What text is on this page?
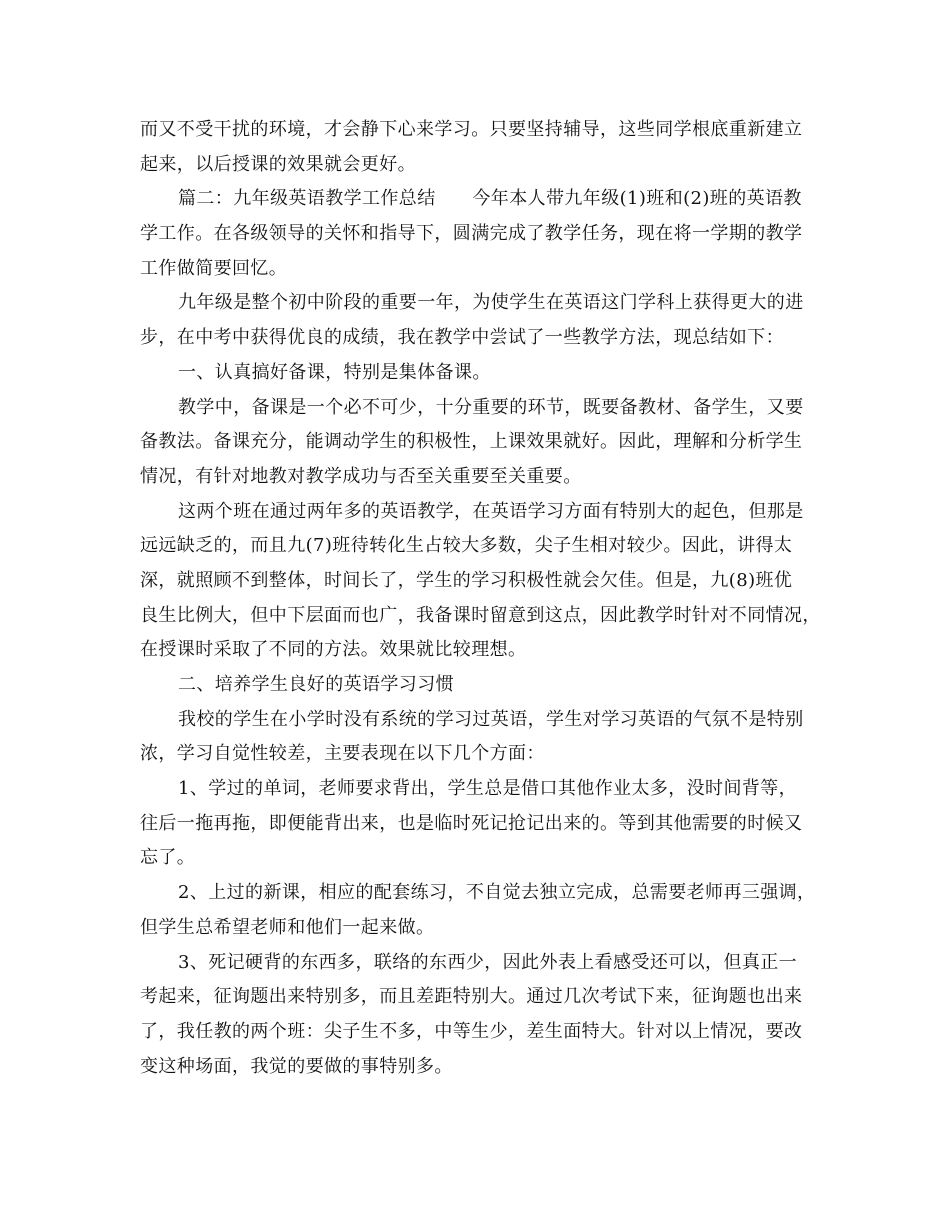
而又不受干扰的环境，才会静下心来学习。只要坚持辅导，这些同学根底重新建立
起来，以后授课的效果就会更好。
篇二：九年级英语教学工作总结　　今年本人带九年级(1)班和(2)班的英语教
学工作。在各级领导的关怀和指导下，圆满完成了教学任务，现在将一学期的教学
工作做简要回忆。
九年级是整个初中阶段的重要一年，为使学生在英语这门学科上获得更大的进
步，在中考中获得优良的成绩，我在教学中尝试了一些教学方法，现总结如下：
一、认真搞好备课，特别是集体备课。
教学中，备课是一个必不可少，十分重要的环节，既要备教材、备学生，又要
备教法。备课充分，能调动学生的积极性，上课效果就好。因此，理解和分析学生
情况，有针对地教对教学成功与否至关重要至关重要。
这两个班在通过两年多的英语教学，在英语学习方面有特别大的起色，但那是
远远缺乏的，而且九(7)班待转化生占较大多数，尖子生相对较少。因此，讲得太
深，就照顾不到整体，时间长了，学生的学习积极性就会欠佳。但是，九(8)班优
良生比例大，但中下层面而也广，我备课时留意到这点，因此教学时针对不同情况，
在授课时采取了不同的方法。效果就比较理想。
二、培养学生良好的英语学习习惯
我校的学生在小学时没有系统的学习过英语，学生对学习英语的气氛不是特别
浓，学习自觉性较差，主要表现在以下几个方面：
1、学过的单词，老师要求背出，学生总是借口其他作业太多，没时间背等，
往后一拖再拖，即便能背出来，也是临时死记抢记出来的。等到其他需要的时候又
忘了。
2、上过的新课，相应的配套练习，不自觉去独立完成，总需要老师再三强调，
但学生总希望老师和他们一起来做。
3、死记硬背的东西多，联络的东西少，因此外表上看感受还可以，但真正一
考起来，征询题出来特别多，而且差距特别大。通过几次考试下来，征询题也出来
了，我任教的两个班：尖子生不多，中等生少，差生面特大。针对以上情况，要改
变这种场面，我觉的要做的事特别多。
